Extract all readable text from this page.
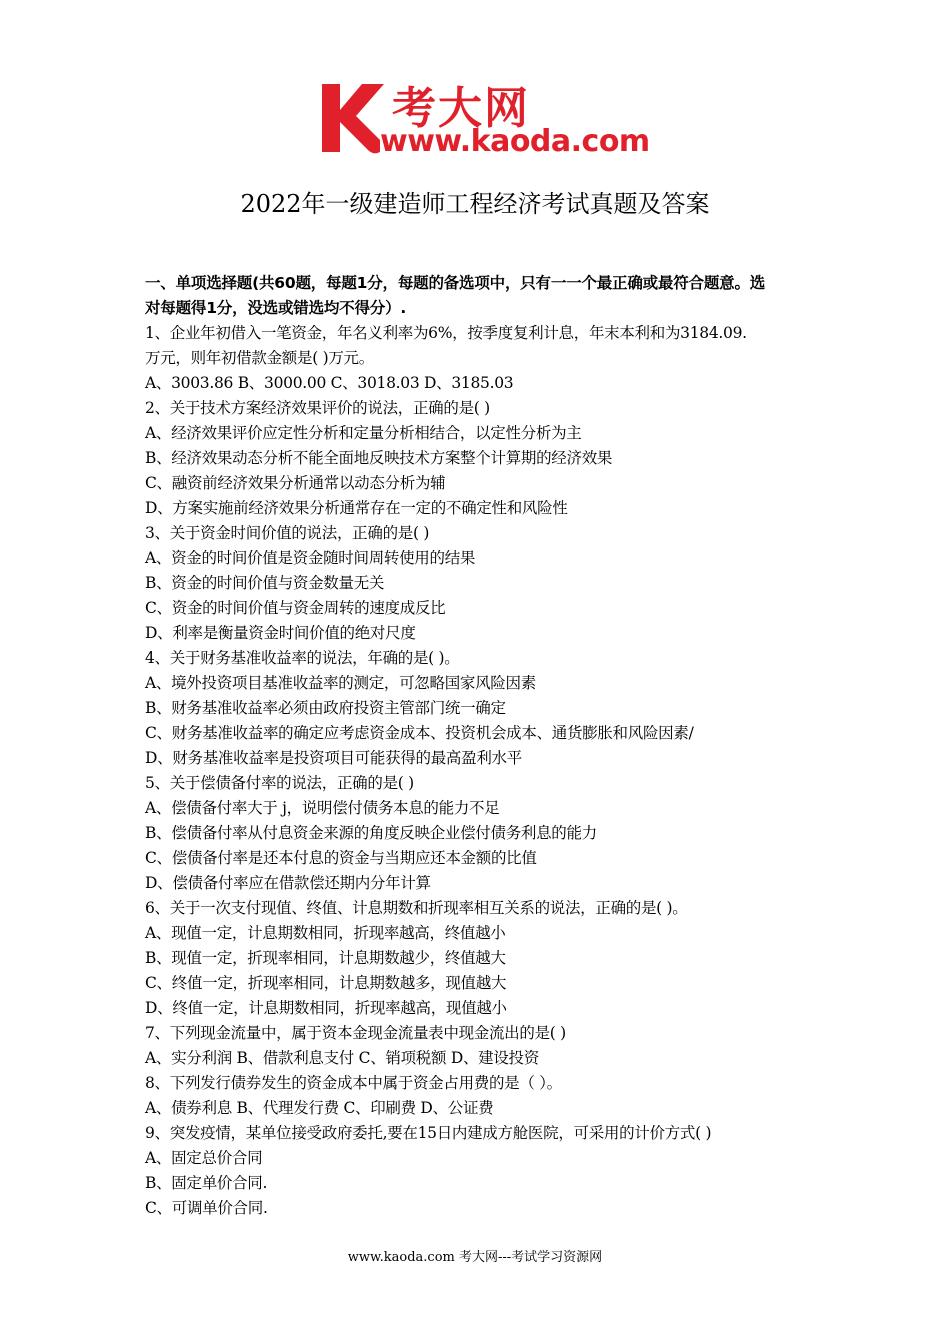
考大网
www.kaoda.com
2022年一级建造师工程经济考试真题及答案
一、单项选择题(共60题，每题1分，每题的备选项中，只有一一个最正确或最符合题意。选
对每题得1分，没选或错选均不得分）.
1、企业年初借入一笔资金，年名义利率为6%，按季度复利计息，年末本利和为3184.09.
万元，则年初借款金额是( )万元。
A、3003.86 B、3000.00 C、3018.03 D、3185.03
2、关于技术方案经济效果评价的说法，正确的是( )
A、经济效果评价应定性分析和定量分析相结合，以定性分析为主
B、经济效果动态分析不能全面地反映技术方案整个计算期的经济效果
C、融资前经济效果分析通常以动态分析为辅
D、方案实施前经济效果分析通常存在一定的不确定性和风险性
3、关于资金时间价值的说法，正确的是( )
A、资金的时间价值是资金随时间周转使用的结果
B、资金的时间价值与资金数量无关
C、资金的时间价值与资金周转的速度成反比
D、利率是衡量资金时间价值的绝对尺度
4、关于财务基准收益率的说法，年确的是( )。
A、境外投资项目基准收益率的测定，可忽略国家风险因素
B、财务基准收益率必须由政府投资主管部门统一确定
C、财务基准收益率的确定应考虑资金成本、投资机会成本、通货膨胀和风险因素/
D、财务基准收益率是投资项目可能获得的最高盈利水平
5、关于偿债备付率的说法，正确的是( )
A、偿债备付率大于 j，说明偿付债务本息的能力不足
B、偿债备付率从付息资金来源的角度反映企业偿付债务利息的能力
C、偿债备付率是还本付息的资金与当期应还本金额的比值
D、偿债备付率应在借款偿还期内分年计算
6、关于一次支付现值、终值、计息期数和折现率相互关系的说法，正确的是( )。
A、现值一定，计息期数相同，折现率越高，终值越小
B、现值一定，折现率相同，计息期数越少，终值越大
C、终值一定，折现率相同，计息期数越多，现值越大
D、终值一定，计息期数相同，折现率越高，现值越小
7、下列现金流量中，属于资本金现金流量表中现金流出的是( )
A、实分利润 B、借款利息支付 C、销项税额 D、建设投资
8、下列发行债券发生的资金成本中属于资金占用费的是（ ）。
A、债券利息 B、代理发行费 C、印刷费 D、公证费
9、突发疫情，某单位接受政府委托,要在15日内建成方舱医院，可采用的计价方式( )
A、固定总价合同
B、固定单价合同.
C、可调单价合同.
www.kaoda.com 考大网---考试学习资源网
